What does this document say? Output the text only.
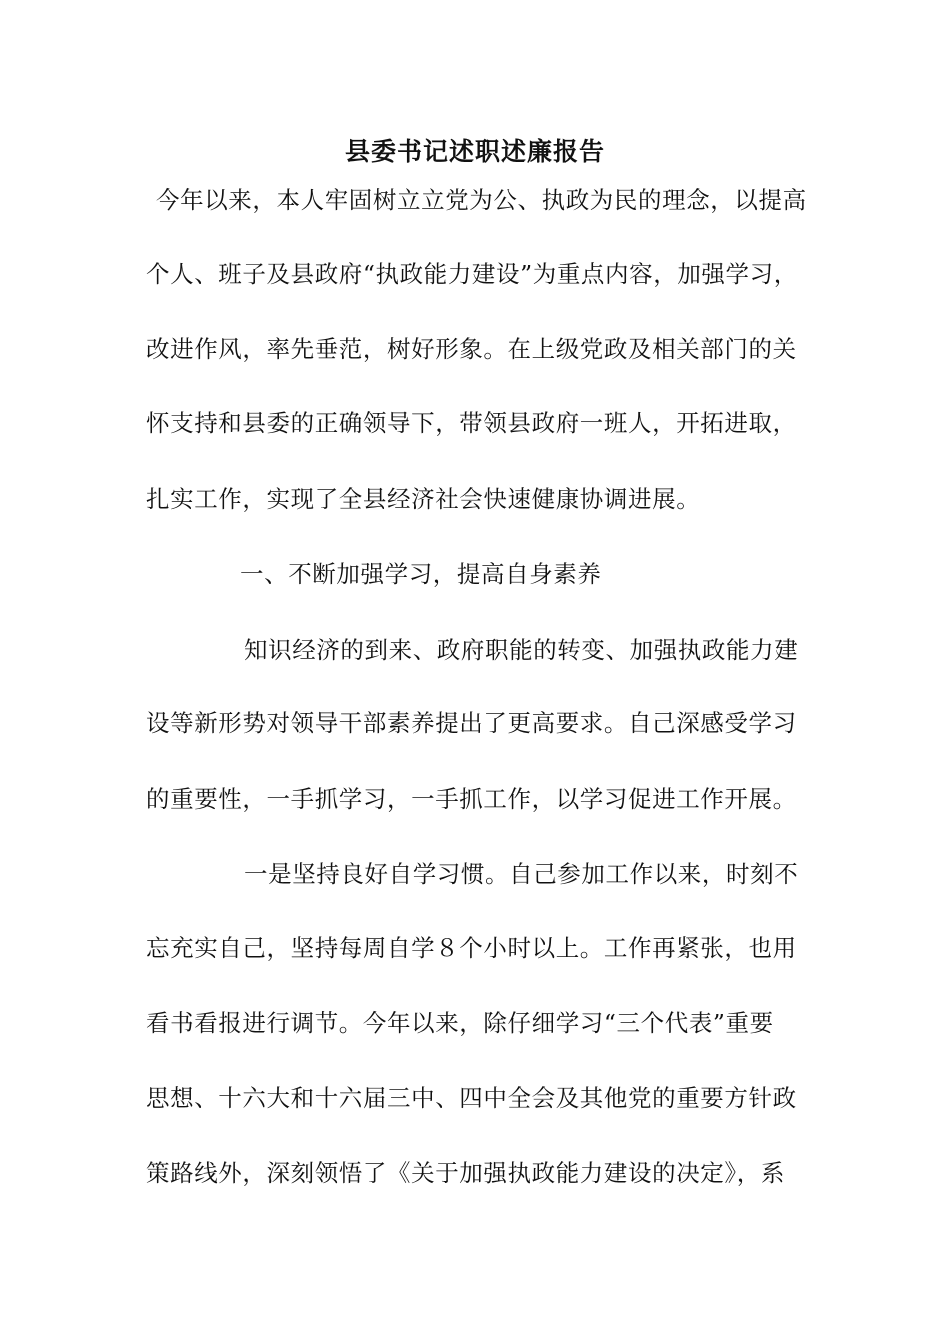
县委书记述职述廉报告
今年以来，本人牢固树立立党为公、执政为民的理念，以提高
个人、班子及县政府“执政能力建设”为重点内容，加强学习，
改进作风，率先垂范，树好形象。在上级党政及相关部门的关
怀支持和县委的正确领导下，带领县政府一班人，开拓进取，
扎实工作，实现了全县经济社会快速健康协调进展。
一、不断加强学习，提高自身素养
知识经济的到来、政府职能的转变、加强执政能力建
设等新形势对领导干部素养提出了更高要求。自己深感受学习
的重要性，一手抓学习，一手抓工作，以学习促进工作开展。
一是坚持良好自学习惯。自己参加工作以来，时刻不
忘充实自己，坚持每周自学８个小时以上。工作再紧张，也用
看书看报进行调节。今年以来，除仔细学习“三个代表”重要
思想、十六大和十六届三中、四中全会及其他党的重要方针政
策路线外，深刻领悟了《关于加强执政能力建设的决定》，系
